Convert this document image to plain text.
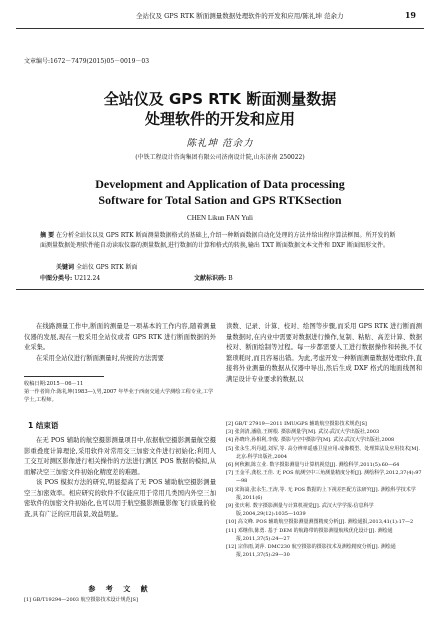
全站仪及 GPS RTK 断面测量数据处理软件的开发和应用/陈礼坤 范余力	19
文章编号:1672－7479(2015)05－0019－03
全站仪及 GPS RTK 断面测量数据
处理软件的开发和应用
陈礼坤 范余力
(中铁工程设计咨询集团有限公司济南设计院,山东济南 250022)
Development and Application of Data processing
Software for Total Sation and GPS RTKSection
CHEN Likun FAN Yuli
摘 要 在分析全站仪以及 GPS RTK 断面测量数据格式的基础上,介绍一种断面数据自动化处理的方法并给出程序算法框图。所开发的断面测量数据处理软件能自动读取仪器的测量数据,进行数据的计算和格式的转换,输出 TXT 断面数据文本文件和 DXF 断面图形文件。
关键词 全站仪 GPS RTK 断面
中图分类号: U212.24	文献标识码: B

在线路测量工作中,断面的测量是一项基本的工作内容,随着测量仪器的发展,现在一般采用全站仪或者 GPS RTK 进行断面数据的外业采集。

在采用全站仪进行断面测量时,传统的方法需要

收稿日期:2015－06－11
第一作者简介:陈礼坤(1983—),男,2007 年毕业于西南交通大学测绘工程专业,工学学士,工程师。
1 结束语

在无 POS 辅助的航空摄影测量项目中,依据航空摄影测量航空摄影重叠度计算理论,采用软件对常用交三加密文件进行初始化;利用人工交互对测区影像进行相关操作的方法进行测区 POS 数据的模拟,从而解决空三加密文件初始化精度差的难题。

该 POS 模拟方法的研究,明显提高了无 POS 辅助航空摄影测量空三加密效率。相应研究的软件不仅能应用于常用几类国内外空三加密软件的加密文件初始化,也可以用于航空摄影测量影像飞行质量的检查,具有广泛的应用前景,效益明显。

参 考 文 献

[1] GB/T19294—2003 航空摄影技术设计规范[S]

读数、记录、计算、校对、绘图等步骤,而采用 GPS RTK 进行断面测量数据时,在内业中需要对数据进行操作,复制、粘贴、高差计算、数据校对、断面绘制等过程。每一步都需要人工进行数据操作和转换,不仅繁琐耗时,而且容易出错。为此,考虑开发一种断面测量数据处理软件,直接将外业测量的数据从仪器中导出,然后生成 DXF 格式的地面线图和满足设计专业要求的数据,以

[2] GB/T 27919—2011 IMU/GPS 辅助航空摄影技术规范[S]

[3] 张剑清,潘励,王树根. 摄影测量学[M]. 武汉:武汉大学出版社,2003

[4] 孙晓玲,孙相利,李俊. 摄影与空中摄影学[M]. 武汉:武汉大学出版社,2008

[5] 张永生,巩丹超,刘军,等. 高分辨率遥感卫星应用:成像模型、处理算法及应用技术[M]. 北京:科学出版社,2004

[6] 何秋湘,陈立业. 数字摄影测量与计算机视觉[J]. 测绘科学,2011(5):60—64

[7] 王金平,龚松,王佳. 无 POS 航测空中三角测量精度分析[J]. 测绘科学,2012,37(4):97—98

[8] 宋海嵩,张永生,王涛,等. 无 POS 数据的上下视差匹配方法研究[J]. 测绘科学技术学报,2011(6)

[9] 张庆利. 数字摄影测量与计算机视觉[J]. 武汉大学学报:信息科学版,2004,29(12):1035—1039

[10] 高文峰. POS 辅助航空摄影测量测图精度分析[J]. 测绘通报,2013,41(1):17—2

[11] 邓继伟,陈勇. 基于 DEM 的航路带的摄影测量航线优化设计[J]. 测绘通报,2011,37(5):24—27

[12] 宗伟雨,刘萍. DMC230 航空摄影的摄影技术及测绘精度分析[J]. 测绘通报,2011,37(5):29—30
